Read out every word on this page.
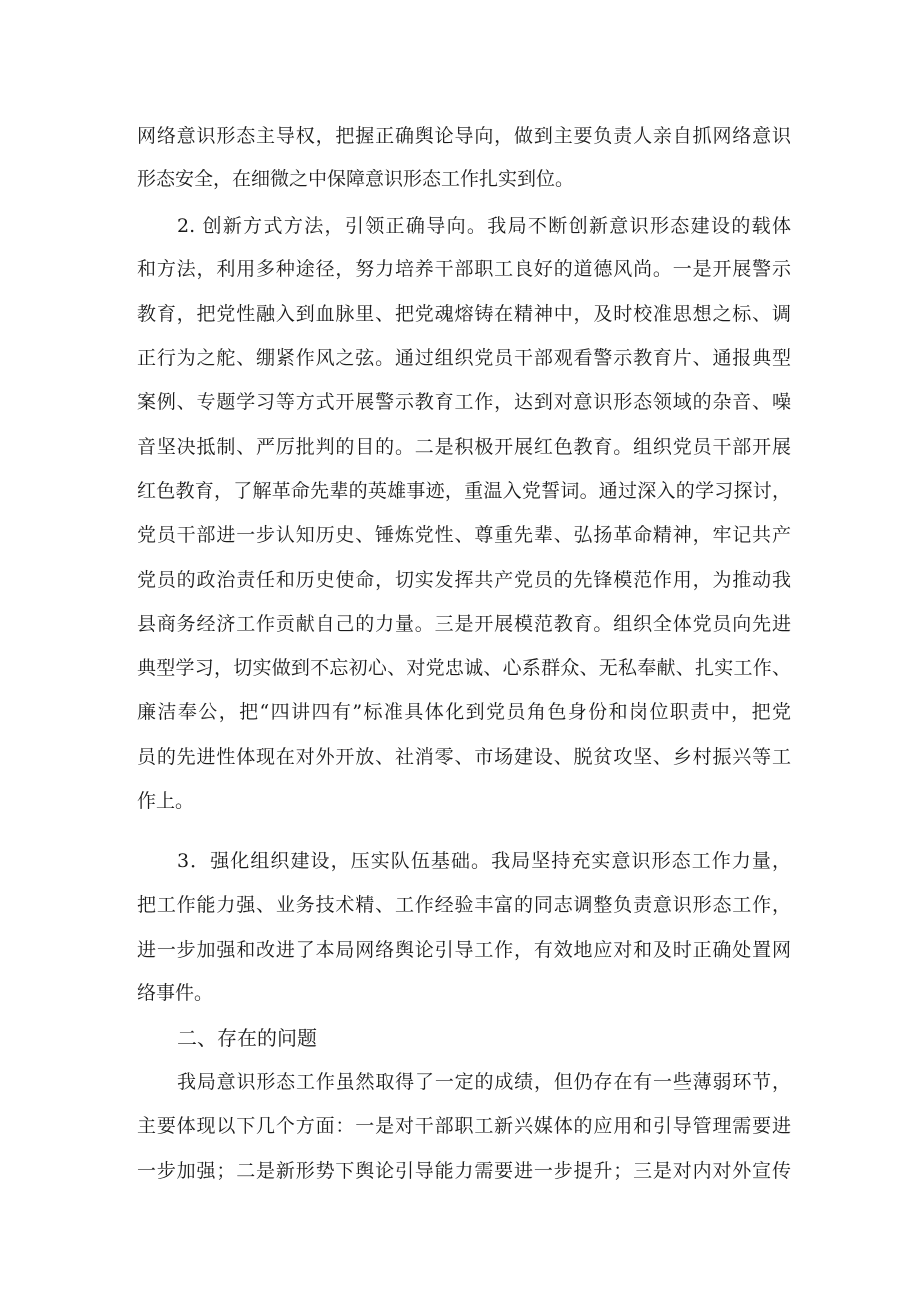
网络意识形态主导权，把握正确舆论导向，做到主要负责人亲自抓网络意识
形态安全，在细微之中保障意识形态工作扎实到位。
2. 创新方式方法，引领正确导向。我局不断创新意识形态建设的载体
和方法，利用多种途径，努力培养干部职工良好的道德风尚。一是开展警示
教育，把党性融入到血脉里、把党魂熔铸在精神中，及时校准思想之标、调
正行为之舵、绷紧作风之弦。通过组织党员干部观看警示教育片、通报典型
案例、专题学习等方式开展警示教育工作，达到对意识形态领域的杂音、噪
音坚决抵制、严厉批判的目的。二是积极开展红色教育。组织党员干部开展
红色教育，了解革命先辈的英雄事迹，重温入党誓词。通过深入的学习探讨，
党员干部进一步认知历史、锤炼党性、尊重先辈、弘扬革命精神，牢记共产
党员的政治责任和历史使命，切实发挥共产党员的先锋模范作用，为推动我
县商务经济工作贡献自己的力量。三是开展模范教育。组织全体党员向先进
典型学习，切实做到不忘初心、对党忠诚、心系群众、无私奉献、扎实工作、
廉洁奉公，把“四讲四有”标准具体化到党员角色身份和岗位职责中，把党
员的先进性体现在对外开放、社消零、市场建设、脱贫攻坚、乡村振兴等工
作上。
3．强化组织建设，压实队伍基础。我局坚持充实意识形态工作力量，
把工作能力强、业务技术精、工作经验丰富的同志调整负责意识形态工作，
进一步加强和改进了本局网络舆论引导工作，有效地应对和及时正确处置网
络事件。
二、存在的问题
我局意识形态工作虽然取得了一定的成绩，但仍存在有一些薄弱环节，
主要体现以下几个方面：一是对干部职工新兴媒体的应用和引导管理需要进
一步加强；二是新形势下舆论引导能力需要进一步提升；三是对内对外宣传
